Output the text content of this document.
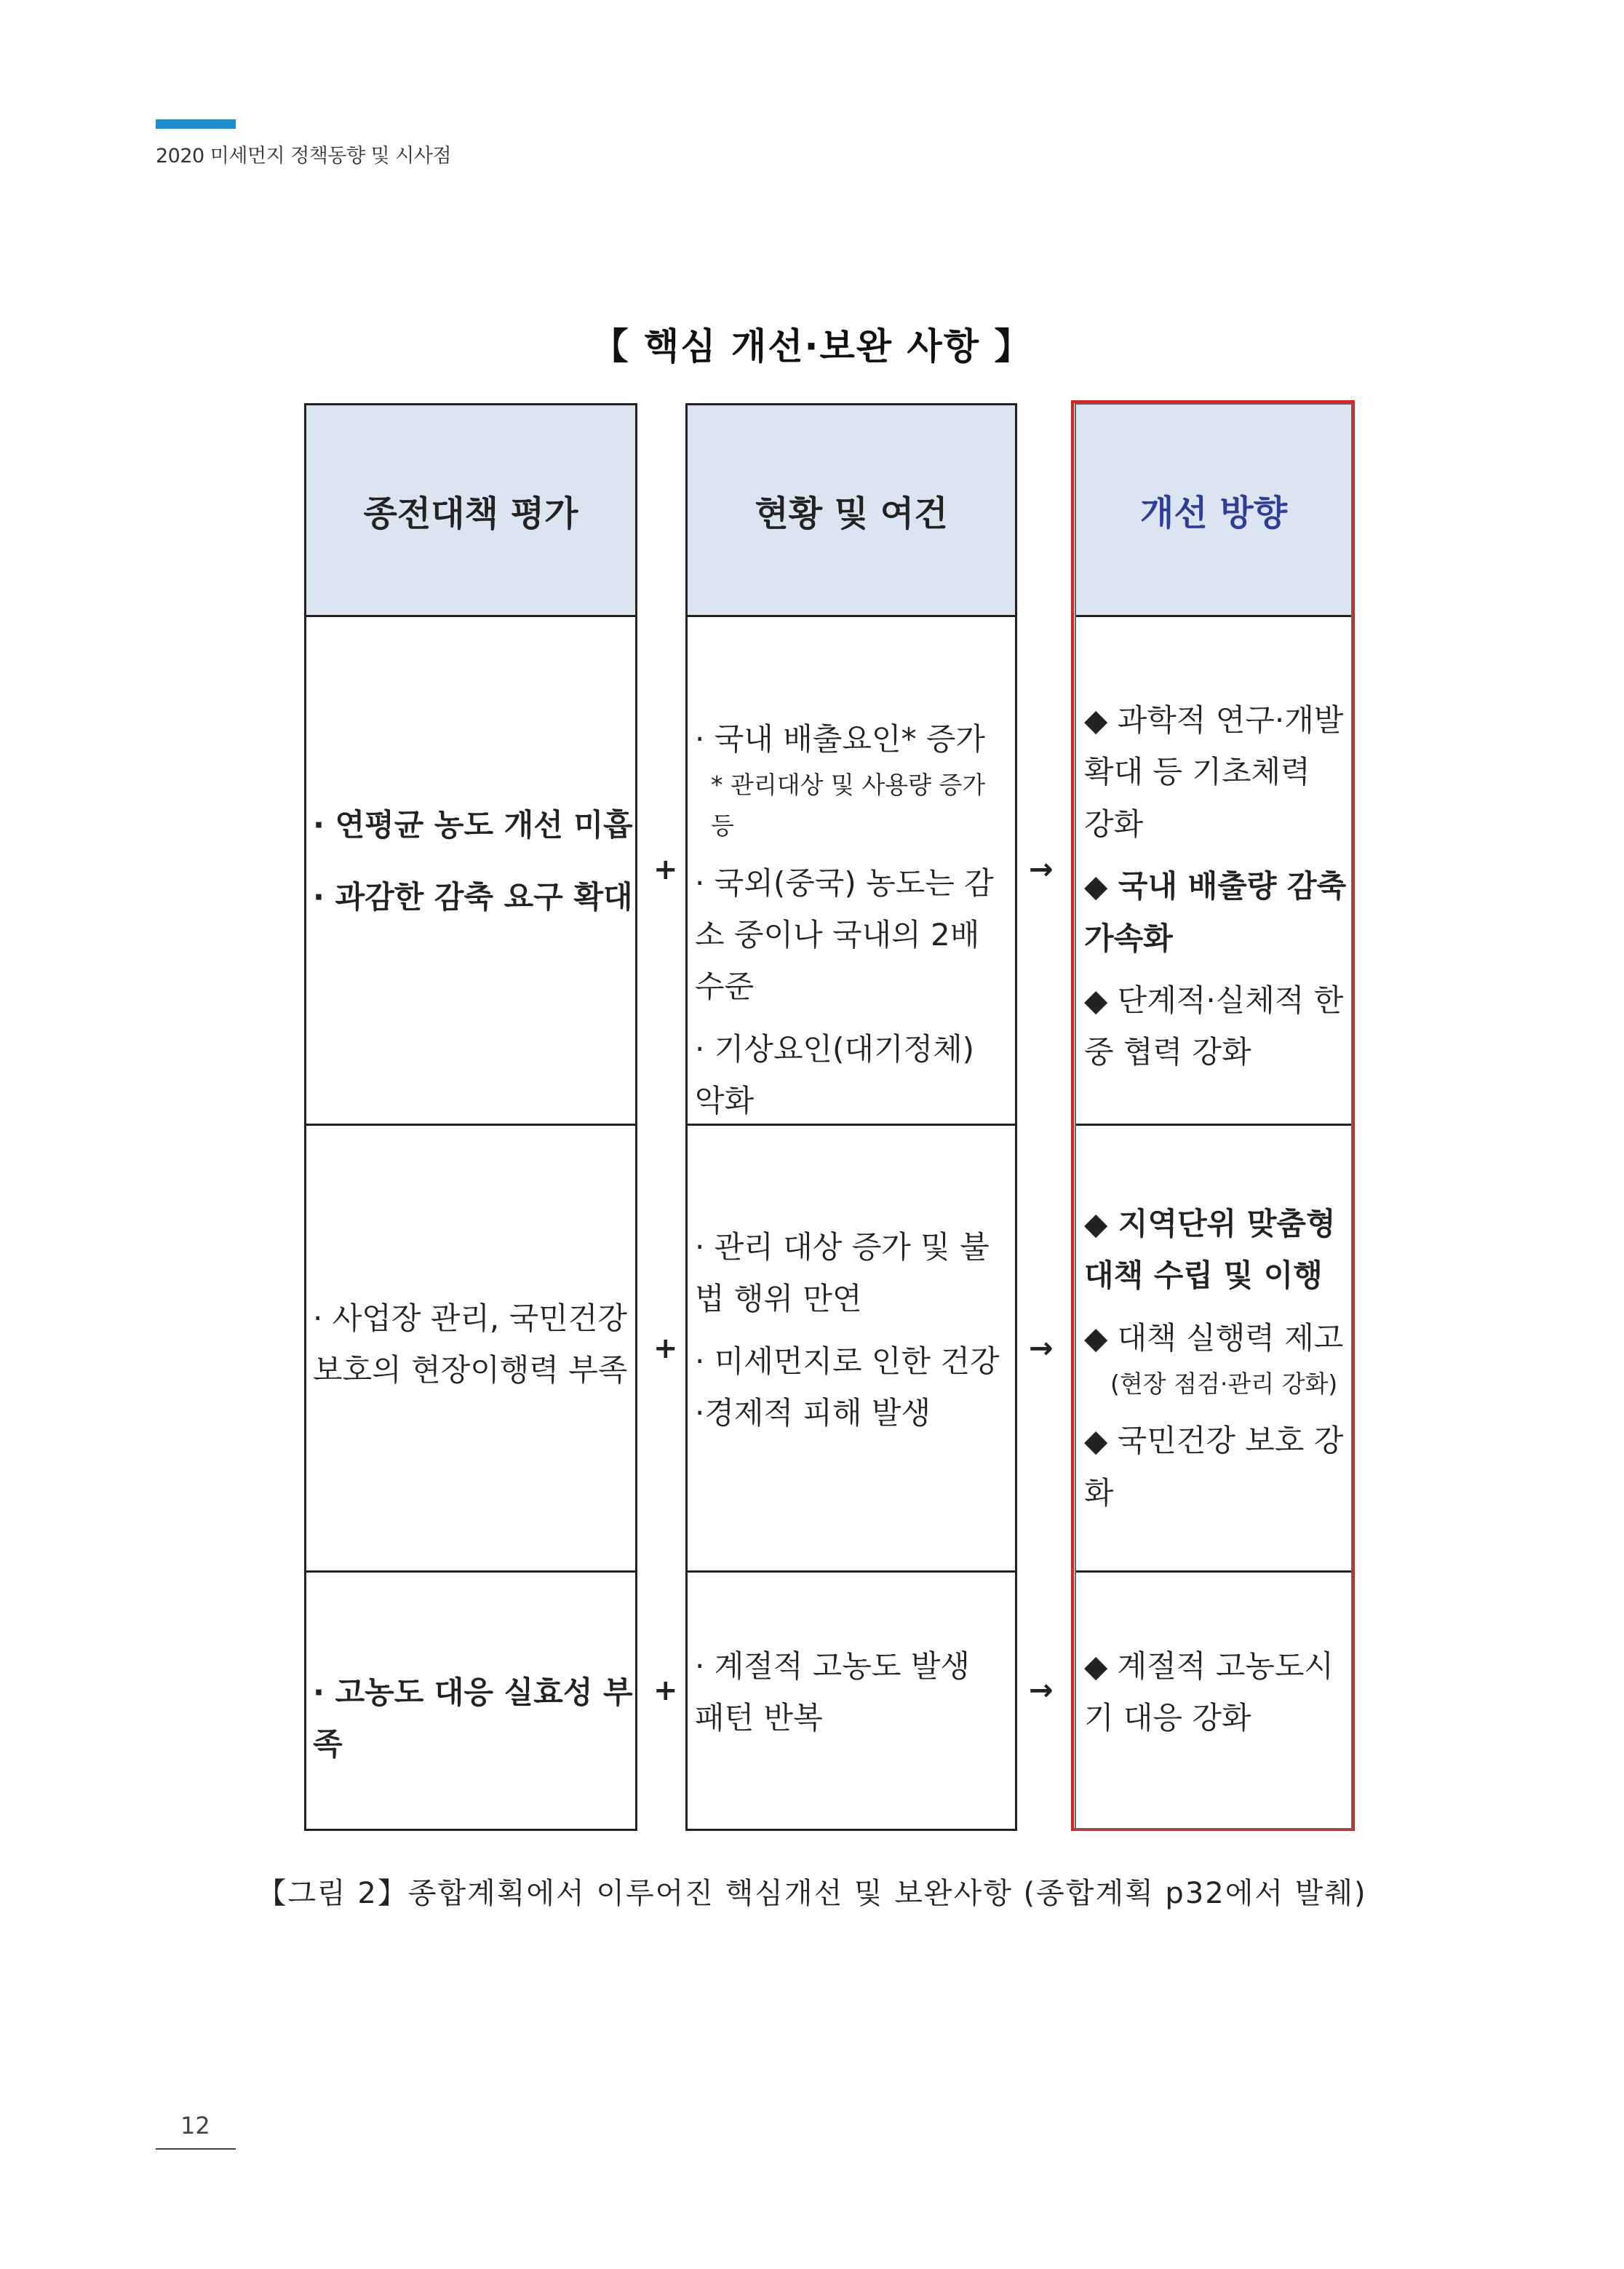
2020 미세먼지 정책동향 및 시사점
【 핵심 개선·보완 사항 】
종전대책 평가	현황 및 여건	개선 방향
· 연평균 농도 개선 미흡
· 과감한 감축 요구 확대
+
· 국내 배출요인* 증가
* 관리대상 및 사용량 증가 등
· 국외(중국) 농도는 감소 중이나 국내의 2배 수준
· 기상요인(대기정체) 악화
→
◆ 과학적 연구·개발 확대 등 기초체력 강화
◆ 국내 배출량 감축 가속화
◆ 단계적·실체적 한중 협력 강화
· 사업장 관리, 국민건강 보호의 현장이행력 부족
+
· 관리 대상 증가 및 불법 행위 만연
· 미세먼지로 인한 건강·경제적 피해 발생
→
◆ 지역단위 맞춤형 대책 수립 및 이행
◆ 대책 실행력 제고
(현장 점검·관리 강화)
◆ 국민건강 보호 강화
· 고농도 대응 실효성 부족
+
· 계절적 고농도 발생 패턴 반복
→
◆ 계절적 고농도시기 대응 강화
【그림 2】종합계획에서 이루어진 핵심개선 및 보완사항 (종합계획 p32에서 발췌)
12
